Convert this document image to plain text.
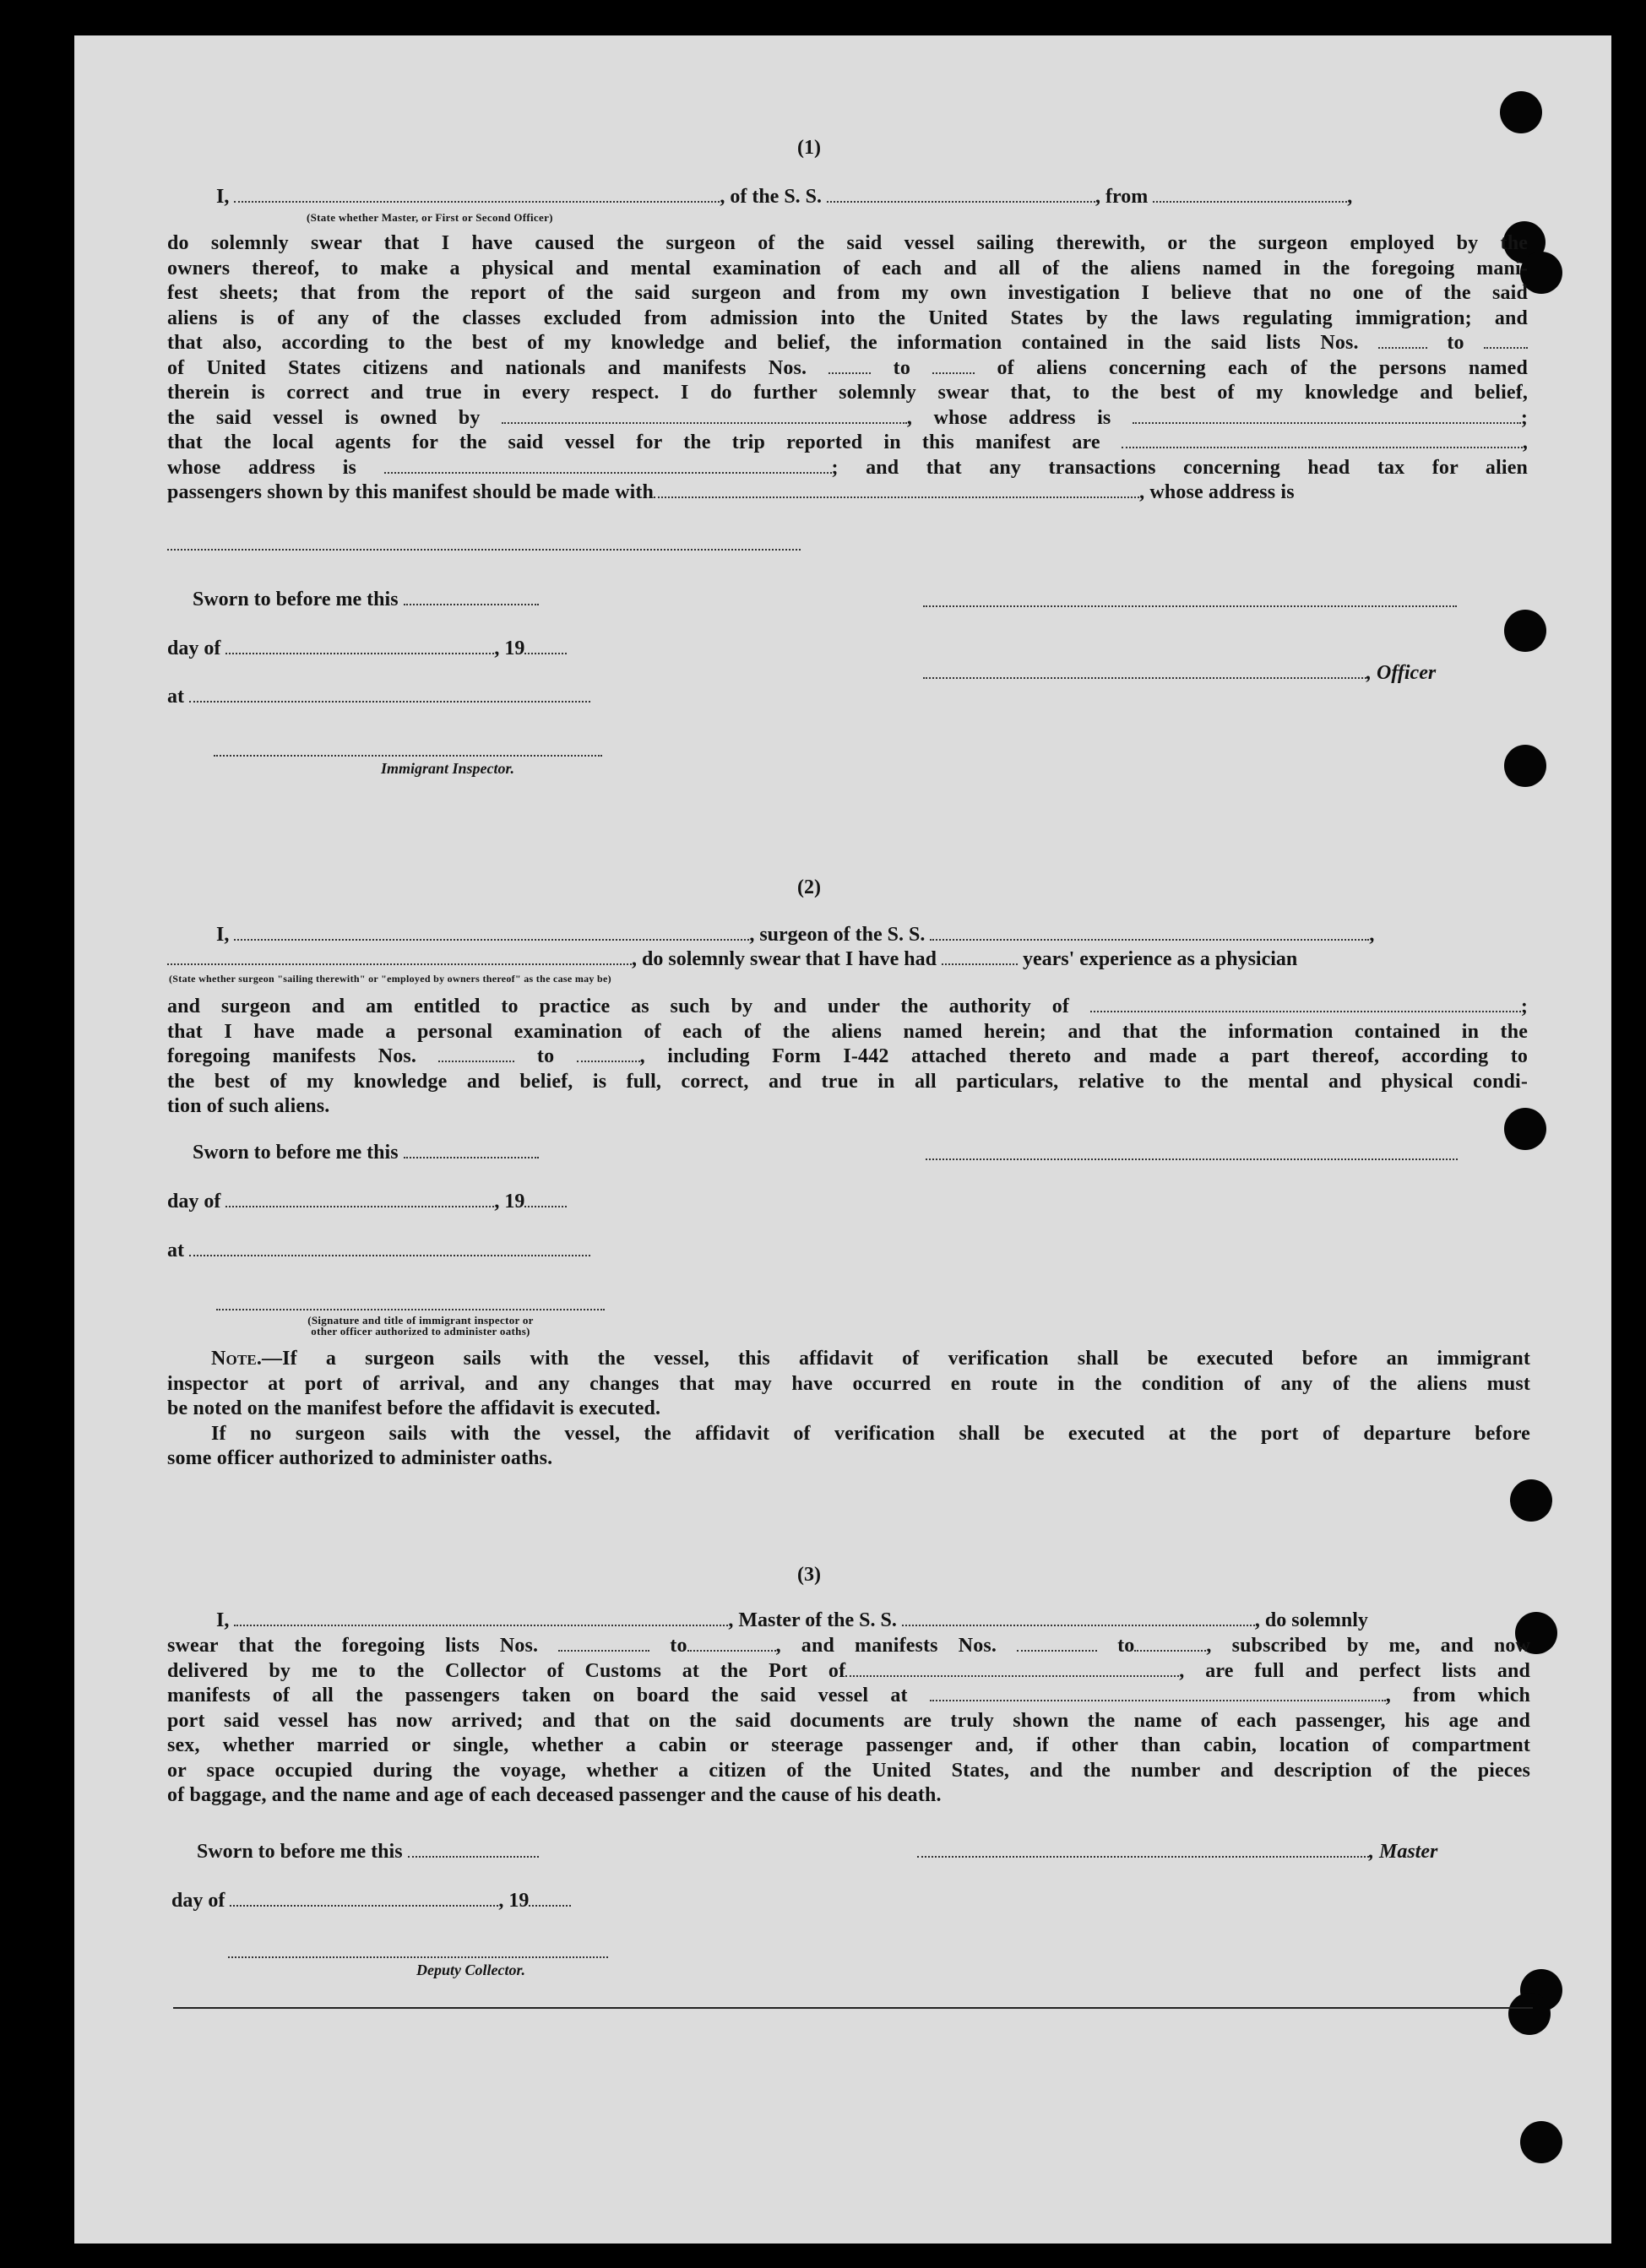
(1)
I,	, of the S. S.	, from	,
(State whether Master, or First or Second Officer)

do solemnly swear that I have caused the surgeon of the said vessel sailing therewith, or the surgeon employed by the

owners thereof, to make a physical and mental examination of each and all of the aliens named in the foregoing mani-

fest sheets; that from the report of the said surgeon and from my own investigation I believe that no one of the said

aliens is of any of the classes excluded from admission into the United States by the laws regulating immigration; and

that also, according to the best of my knowledge and belief, the information contained in the said lists Nos.	to

of United States citizens and nationals and manifests Nos.	to	of aliens concerning each of the persons named

therein is correct and true in every respect. I do further solemnly swear that, to the best of my knowledge and belief,

the said vessel is owned by	, whose address is	;

that the local agents for the said vessel for the trip reported in this manifest are	,

whose address is	; and that any transactions concerning head tax for alien

passengers shown by this manifest should be made with	, whose address is

Sworn to before me this
day of	, 19
, Officer
at
Immigrant Inspector.
(2)
I,	, surgeon of the S. S.	,
, do solemnly swear that I have had	years' experience as a physician
(State whether surgeon "sailing therewith" or "employed by owners thereof" as the case may be)

and surgeon and am entitled to practice as such by and under the authority of	;

that I have made a personal examination of each of the aliens named herein; and that the information contained in the

foregoing manifests Nos.	to	, including Form I-442 attached thereto and made a part thereof, according to

the best of my knowledge and belief, is full, correct, and true in all particulars, relative to the mental and physical condi-

tion of such aliens.

Sworn to before me this
day of	, 19
at
(Signature and title of immigrant inspector or
other officer authorized to administer oaths)

Note.—If a surgeon sails with the vessel, this affidavit of verification shall be executed before an immigrant

inspector at port of arrival, and any changes that may have occurred en route in the condition of any of the aliens must

be noted on the manifest before the affidavit is executed.

If no surgeon sails with the vessel, the affidavit of verification shall be executed at the port of departure before

some officer authorized to administer oaths.

(3)
I,	, Master of the S. S.	, do solemnly

swear that the foregoing lists Nos.	to	, and manifests Nos.	to	, subscribed by me, and now

delivered by me to the Collector of Customs at the Port of	, are full and perfect lists and

manifests of all the passengers taken on board the said vessel at	, from which

port said vessel has now arrived; and that on the said documents are truly shown the name of each passenger, his age and

sex, whether married or single, whether a cabin or steerage passenger and, if other than cabin, location of compartment

or space occupied during the voyage, whether a citizen of the United States, and the number and description of the pieces

of baggage, and the name and age of each deceased passenger and the cause of his death.

Sworn to before me this	, Master
day of	, 19
Deputy Collector.
